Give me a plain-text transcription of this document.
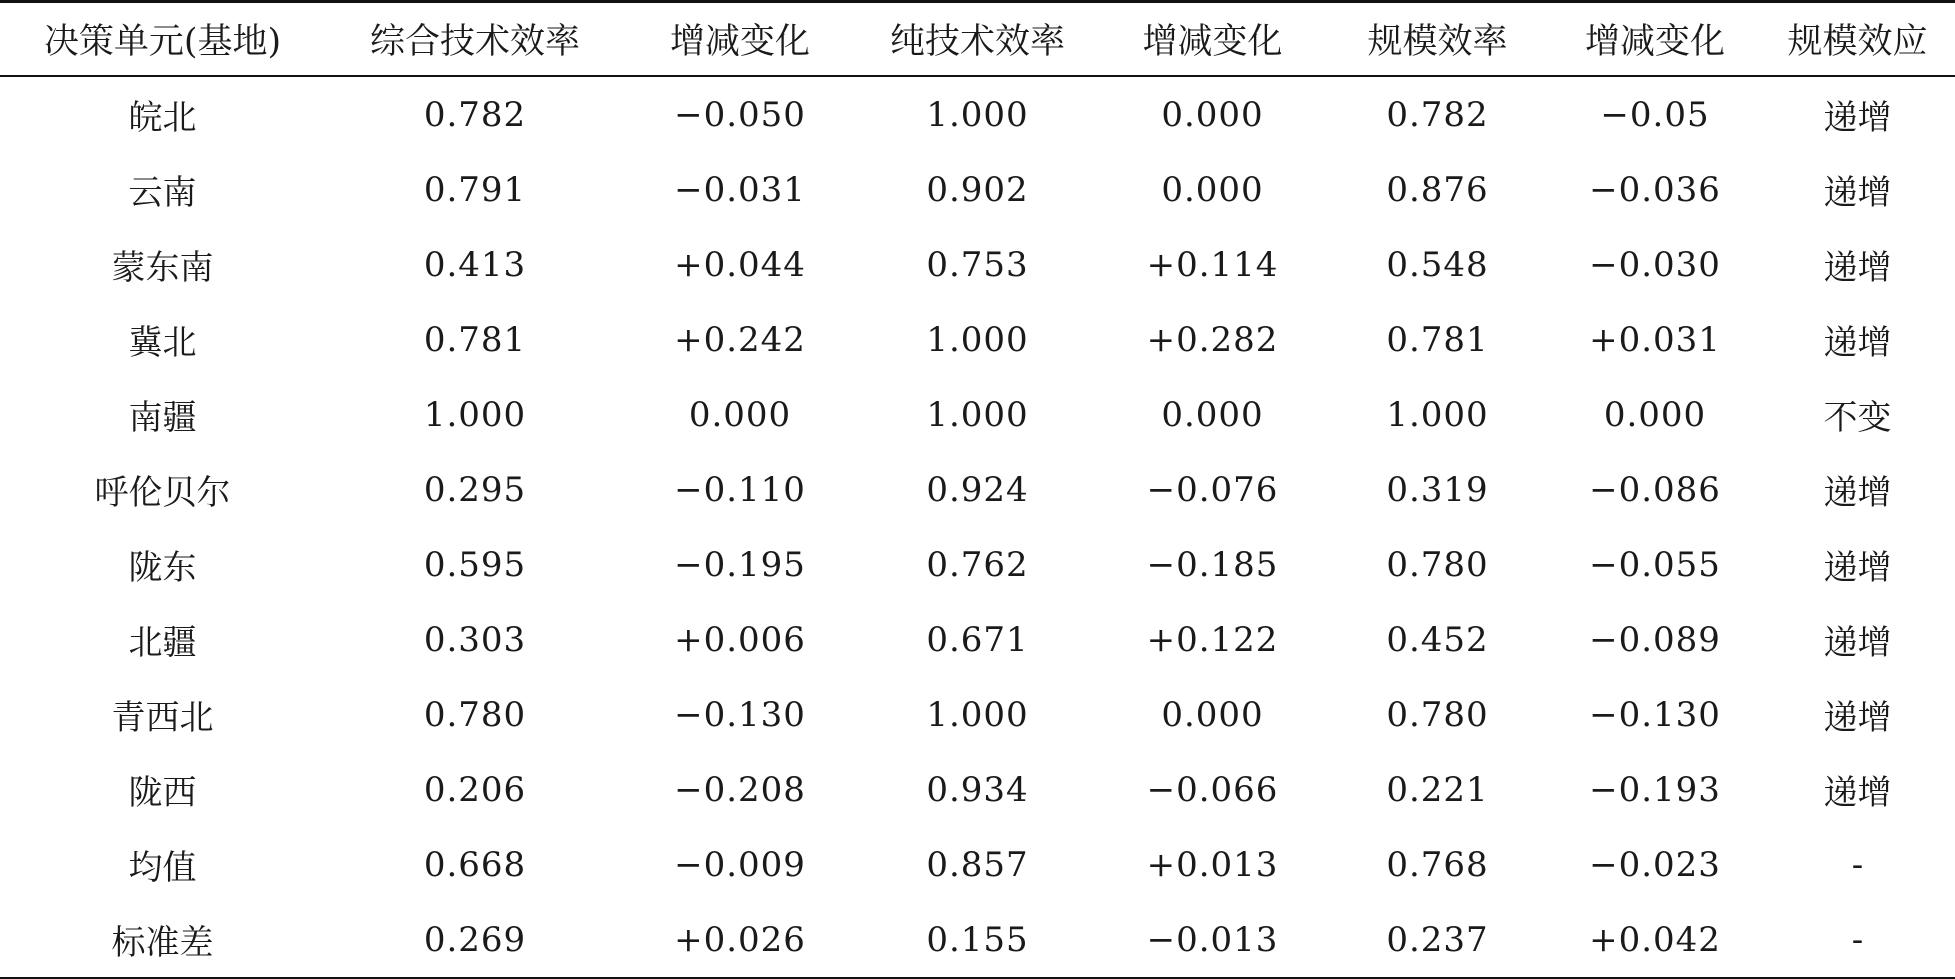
决策单元(基地)	综合技术效率	增减变化	纯技术效率	增减变化	规模效率	增减变化	规模效应
皖北	0.782	−0.050	1.000	0.000	0.782	−0.05	递增
云南	0.791	−0.031	0.902	0.000	0.876	−0.036	递增
蒙东南	0.413	+0.044	0.753	+0.114	0.548	−0.030	递增
冀北	0.781	+0.242	1.000	+0.282	0.781	+0.031	递增
南疆	1.000	0.000	1.000	0.000	1.000	0.000	不变
呼伦贝尔	0.295	−0.110	0.924	−0.076	0.319	−0.086	递增
陇东	0.595	−0.195	0.762	−0.185	0.780	−0.055	递增
北疆	0.303	+0.006	0.671	+0.122	0.452	−0.089	递增
青西北	0.780	−0.130	1.000	0.000	0.780	−0.130	递增
陇西	0.206	−0.208	0.934	−0.066	0.221	−0.193	递增
均值	0.668	−0.009	0.857	+0.013	0.768	−0.023	-
标准差	0.269	+0.026	0.155	−0.013	0.237	+0.042	-
